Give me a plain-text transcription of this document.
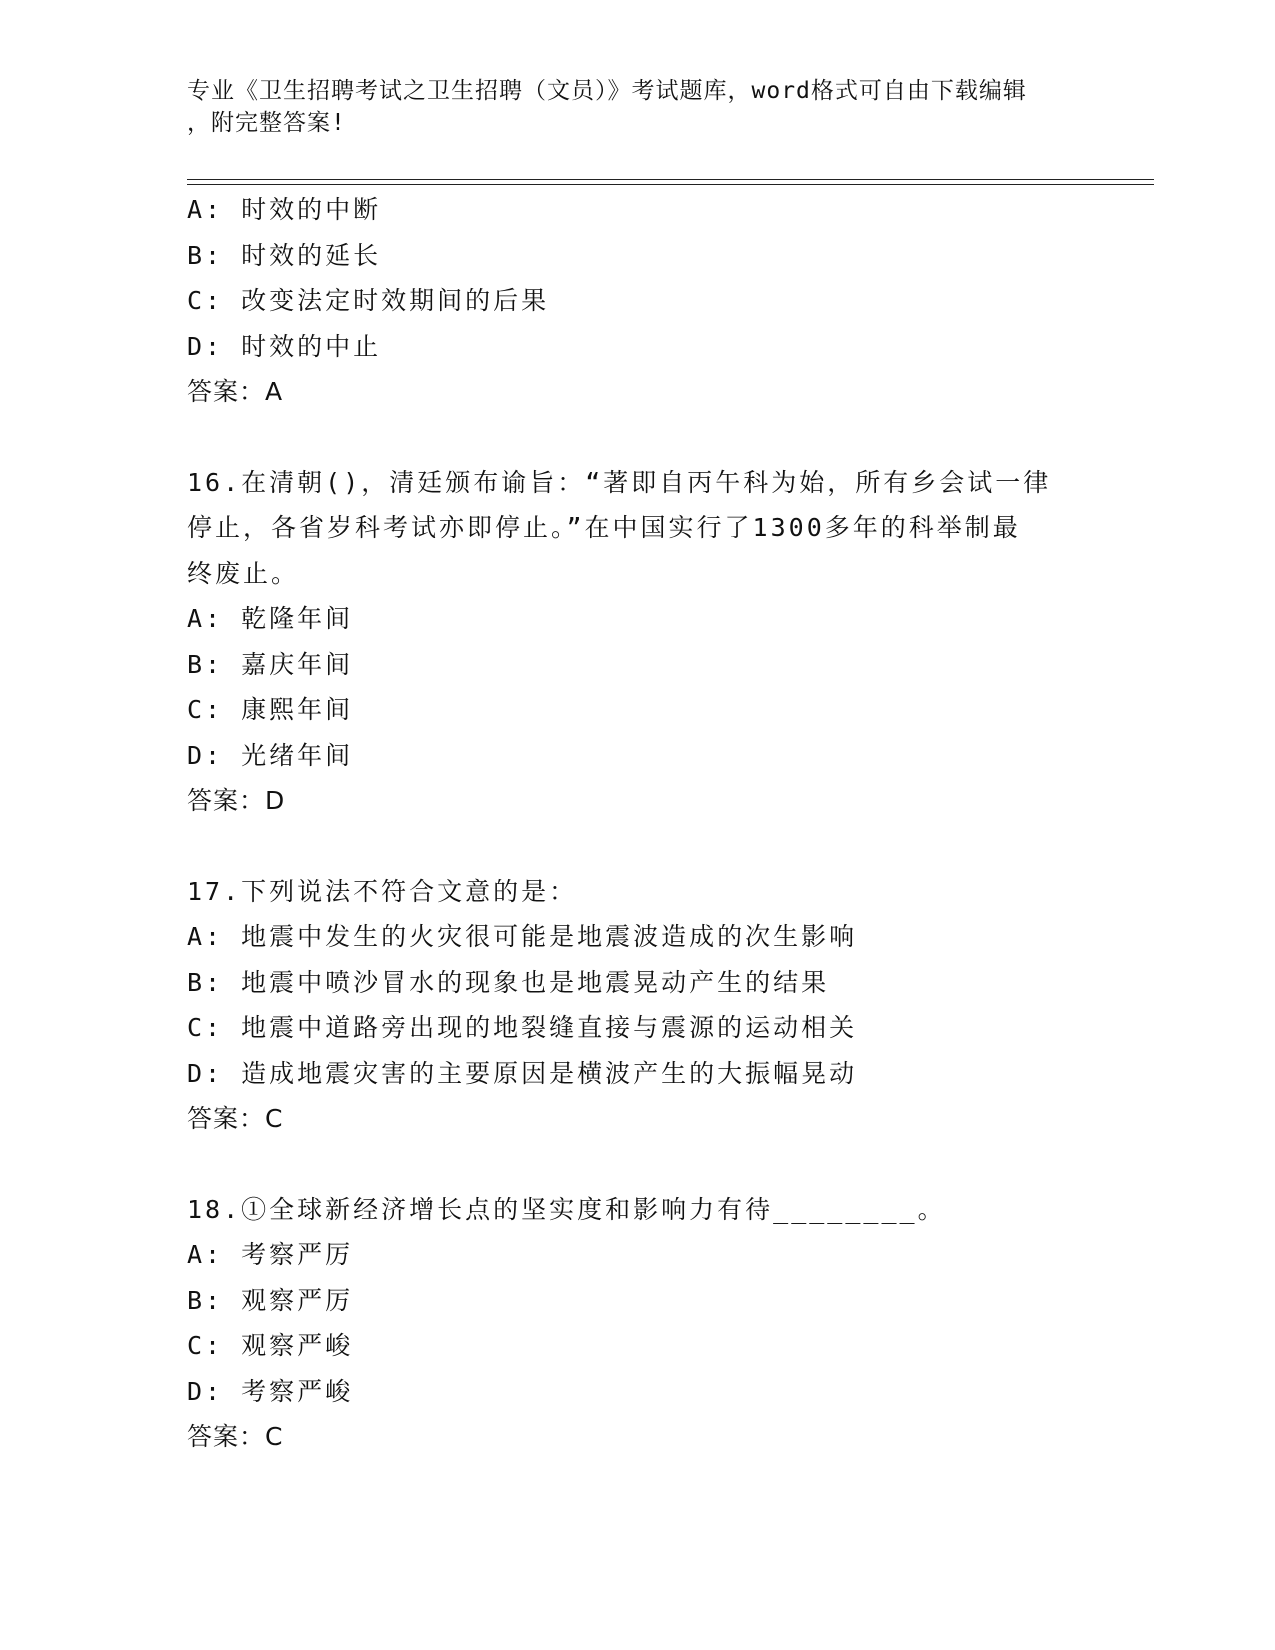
专业《卫生招聘考试之卫生招聘（文员）》考试题库，word格式可自由下载编辑
，附完整答案!
A: 时效的中断
B: 时效的延长
C: 改变法定时效期间的后果
D: 时效的中止
答案：A
16.在清朝()，清廷颁布谕旨：“著即自丙午科为始，所有乡会试一律
停止，各省岁科考试亦即停止。”在中国实行了1300多年的科举制最
终废止。
A: 乾隆年间
B: 嘉庆年间
C: 康熙年间
D: 光绪年间
答案：D
17.下列说法不符合文意的是：
A: 地震中发生的火灾很可能是地震波造成的次生影响
B: 地震中喷沙冒水的现象也是地震晃动产生的结果
C: 地震中道路旁出现的地裂缝直接与震源的运动相关
D: 造成地震灾害的主要原因是横波产生的大振幅晃动
答案：C
18.①全球新经济增长点的坚实度和影响力有待________。
A: 考察严厉
B: 观察严厉
C: 观察严峻
D: 考察严峻
答案：C
